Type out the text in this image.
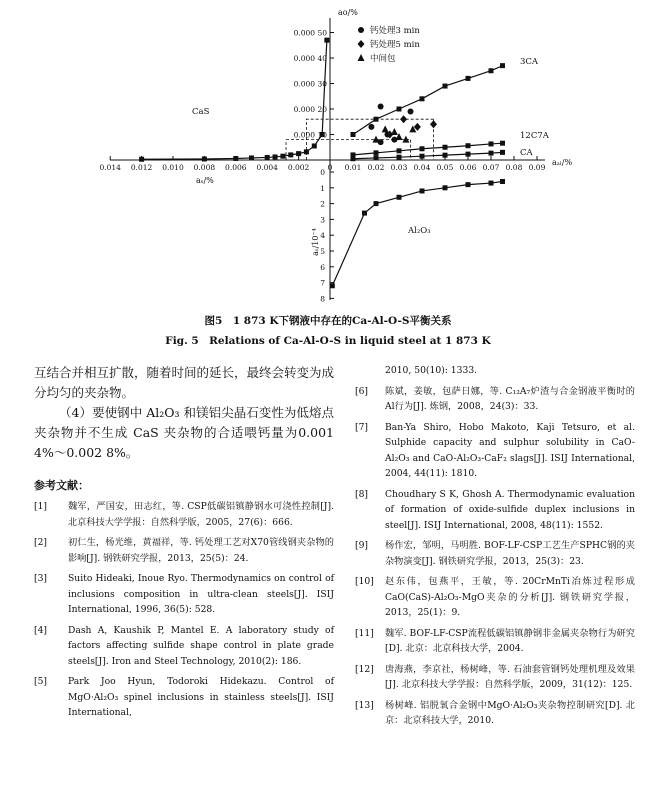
0.000 50
0.000 40
0.000 30
0.000 20
0.000 10
0.01 0.02 0.03 0.04 0.05 0.06 0.07 0.08 0.09
0.014 0.012 0.010 0.008 0.006 0.004 0.002 0
0
1
2
3
4
5
6
7
8
aᴏ/%
aₐₗ/%
aₛ/%
aₛ/10⁻⁴
钙处理3 min
钙处理5 min
中间包
CaS
3CA
12C7A
CA
Al₂O₃
图5　1 873 K下钢液中存在的Ca-Al-O-S平衡关系
Fig. 5　Relations of Ca-Al-O-S in liquid steel at 1 873 K

互结合并相互扩散，随着时间的延长，最终会转变为成分均匀的夹杂物。

（4）要使钢中 Al₂O₃ 和镁铝尖晶石变性为低熔点夹杂物并不生成 CaS 夹杂物的合适喂钙量为0.001 4%～0.002 8%。

参考文献：
[1]	魏军，严国安，田志红，等. CSP低碳铝镇静钢水可浇性控制[J]. 北京科技大学学报：自然科学版，2005，27(6)：666.
[2]	初仁生，杨光维，黄福祥，等. 钙处理工艺对X70管线钢夹杂物的影响[J]. 钢铁研究学报，2013，25(5)：24.
[3]	Suito Hideaki, Inoue Ryo. Thermodynamics on control of inclusions composition in ultra-clean steels[J]. ISIJ International, 1996, 36(5): 528.
[4]	Dash A, Kaushik P, Mantel E. A laboratory study of factors affecting sulfide shape control in plate grade steels[J]. Iron and Steel Technology, 2010(2): 186.
[5]	Park Joo Hyun, Todoroki Hidekazu. Control of MgO·Al₂O₃ spinel inclusions in stainless steels[J]. ISIJ International,
2010, 50(10): 1333.
[6]	陈斌，姜敏，包萨日娜，等. C₁₂A₇炉渣与合金钢液平衡时的Al行为[J]. 炼钢，2008，24(3)：33.
[7]	Ban-Ya Shiro, Hobo Makoto, Kaji Tetsuro, et al. Sulphide capacity and sulphur solubility in CaO-Al₂O₃ and CaO-Al₂O₃-CaF₂ slags[J]. ISIJ International, 2004, 44(11): 1810.
[8]	Choudhary S K, Ghosh A. Thermodynamic evaluation of formation of oxide-sulfide duplex inclusions in steel[J]. ISIJ International, 2008, 48(11): 1552.
[9]	杨作宏，邹明，马明胜. BOF-LF-CSP工艺生产SPHC钢的夹杂物演变[J]. 钢铁研究学报，2013，25(3)：23.
[10]	赵东伟，包燕平，王敏，等. 20CrMnTi冶炼过程形成CaO(CaS)-Al₂O₃-MgO夹杂的分析[J]. 钢铁研究学报，2013，25(1)：9.
[11]	魏军. BOF-LF-CSP流程低碳铝镇静钢非金属夹杂物行为研究[D]. 北京：北京科技大学，2004.
[12]	唐海燕，李京社，杨树峰，等. 石油套管钢钙处理机理及效果[J]. 北京科技大学学报：自然科学版，2009，31(12)：125.
[13]	杨树峰. 铝脱氧合金钢中MgO·Al₂O₃夹杂物控制研究[D]. 北京：北京科技大学，2010.
